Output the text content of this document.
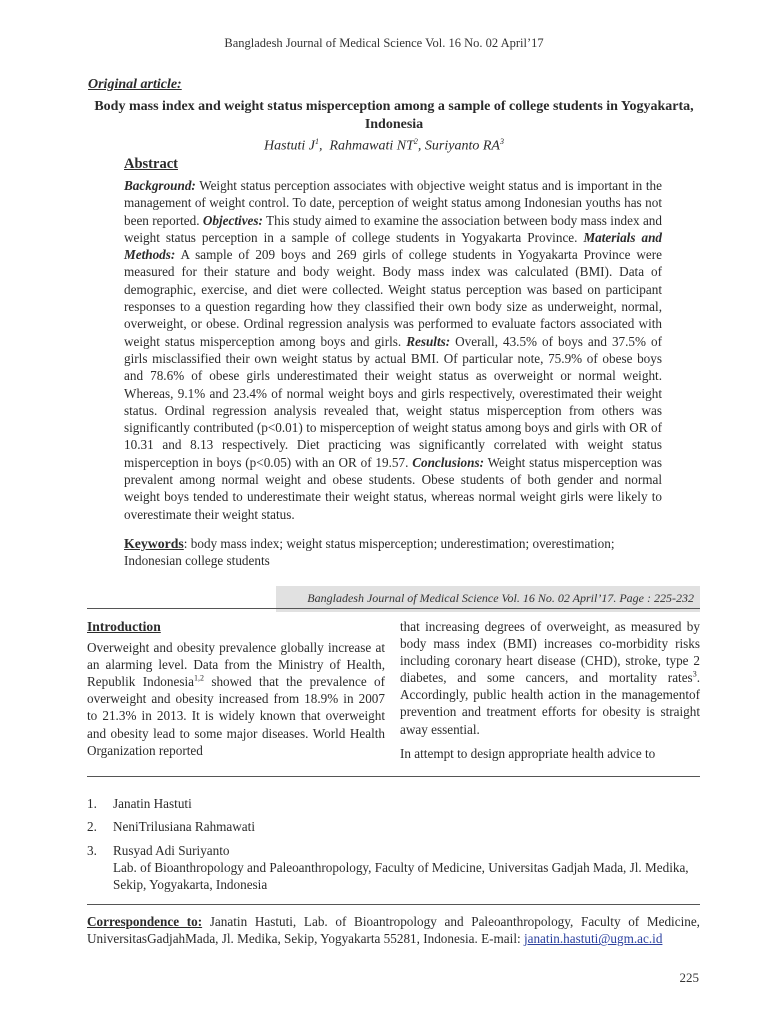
Bangladesh Journal of Medical Science Vol. 16 No. 02 April’17
Original article:
Body mass index and weight status misperception among a sample of college students in Yogyakarta, Indonesia
Hastuti $J^1$,  Rahmawati $NT^2$, Suriyanto $RA^3$
Abstract
Background: Weight status perception associates with objective weight status and is important in the management of weight control. To date, perception of weight status among Indonesian youths has not been reported. Objectives: This study aimed to examine the association between body mass index and weight status perception in a sample of college students in Yogyakarta Province. Materials and Methods: A sample of 209 boys and 269 girls of college students in Yogyakarta Province were measured for their stature and body weight. Body mass index was calculated (BMI). Data of demographic, exercise, and diet were collected. Weight status perception was based on participant responses to a question regarding how they classified their own body size as underweight, normal, overweight, or obese. Ordinal regression analysis was performed to evaluate factors associated with weight status misperception among boys and girls. Results: Overall, 43.5% of boys and 37.5% of girls misclassified their own weight status by actual BMI. Of particular note, 75.9% of obese boys and 78.6% of obese girls underestimated their weight status as overweight or normal weight. Whereas, 9.1% and 23.4% of normal weight boys and girls respectively, overestimated their weight status. Ordinal regression analysis revealed that, weight status misperception from others was significantly contributed (p<0.01) to misperception of weight status among boys and girls with OR of 10.31 and 8.13 respectively. Diet practicing was significantly correlated with weight status misperception in boys (p<0.05) with an OR of 19.57. Conclusions: Weight status misperception was prevalent among normal weight and obese students. Obese students of both gender and normal weight boys tended to underestimate their weight status, whereas normal weight girls were likely to overestimate their weight status.
Keywords: body mass index; weight status misperception; underestimation; overestimation; Indonesian college students
Bangladesh Journal of Medical Science Vol. 16 No. 02 April’17. Page : 225-232
Introduction
Overweight and obesity prevalence globally increase at an alarming level. Data from the Ministry of Health, Republik Indonesia$^{1,2}$ showed that the prevalence of overweight and obesity increased from 18.9% in 2007 to 21.3% in 2013. It is widely known that overweight and obesity lead to some major diseases. World Health Organization reported
that increasing degrees of overweight, as measured by body mass index (BMI) increases co-morbidity risks including coronary heart disease (CHD), stroke, type 2 diabetes, and some cancers, and mortality rates$^3$. Accordingly, public health action in the managementof prevention and treatment efforts for obesity is straight away essential.
In attempt to design appropriate health advice to
1.	Janatin Hastuti
2.	NeniTrilusiana Rahmawati
3.	Rusyad Adi Suriyanto
Lab. of Bioanthropology and Paleoanthropology, Faculty of Medicine, Universitas Gadjah Mada, Jl. Medika, Sekip, Yogyakarta, Indonesia
Correspondence to: Janatin Hastuti, Lab. of Bioantropology and Paleoanthropology, Faculty of Medicine, UniversitasGadjahMada, Jl. Medika, Sekip, Yogyakarta 55281, Indonesia. E-mail: janatin.hastuti@ugm.ac.id
225
